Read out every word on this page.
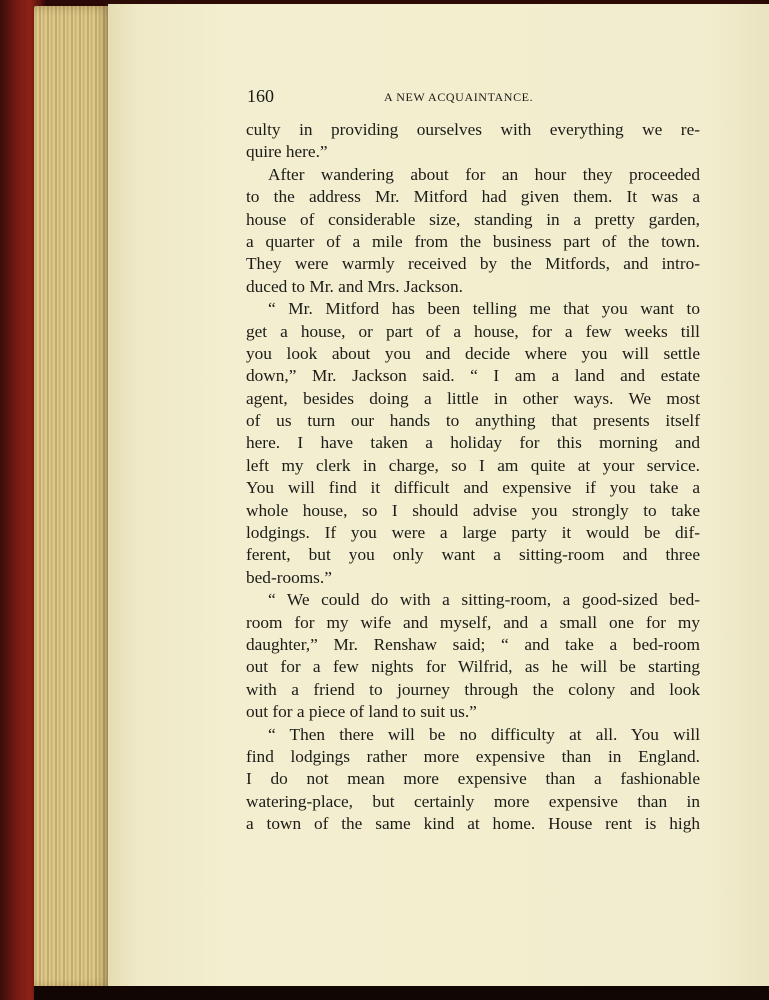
160	A NEW ACQUAINTANCE.
culty in providing ourselves with everything we re-
quire here.”
After wandering about for an hour they proceeded
to the address Mr. Mitford had given them. It was a
house of considerable size, standing in a pretty garden,
a quarter of a mile from the business part of the town.
They were warmly received by the Mitfords, and intro-
duced to Mr. and Mrs. Jackson.
“ Mr. Mitford has been telling me that you want to
get a house, or part of a house, for a few weeks till
you look about you and decide where you will settle
down,” Mr. Jackson said. “ I am a land and estate
agent, besides doing a little in other ways. We most
of us turn our hands to anything that presents itself
here. I have taken a holiday for this morning and
left my clerk in charge, so I am quite at your service.
You will find it difficult and expensive if you take a
whole house, so I should advise you strongly to take
lodgings. If you were a large party it would be dif-
ferent, but you only want a sitting-room and three
bed-rooms.”
“ We could do with a sitting-room, a good-sized bed-
room for my wife and myself, and a small one for my
daughter,” Mr. Renshaw said; “ and take a bed-room
out for a few nights for Wilfrid, as he will be starting
with a friend to journey through the colony and look
out for a piece of land to suit us.”
“ Then there will be no difficulty at all. You will
find lodgings rather more expensive than in England.
I do not mean more expensive than a fashionable
watering-place, but certainly more expensive than in
a town of the same kind at home. House rent is high
